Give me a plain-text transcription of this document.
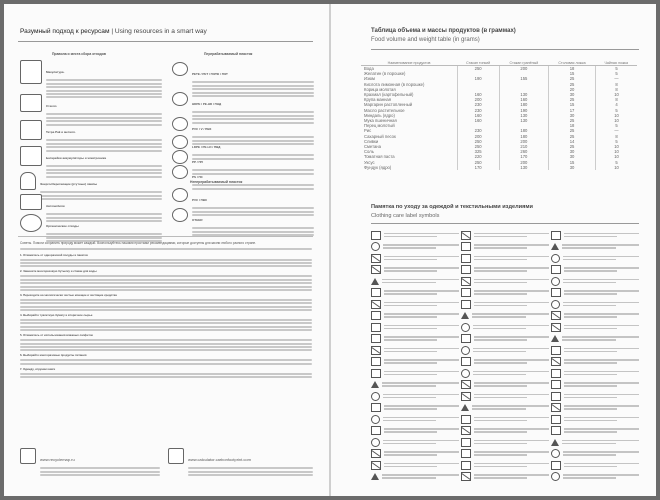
Разумный подход к ресурсам | Using resources in a smart way
Правила и места сбора отходов	Перерабатываемый пластик
Макулатура.
Стекло
Тетра Pak и металл.
Батарейки аккумуляторы и электроника
Энергосберегающие (ртутные) лампы
Автомобили
Органические отходы
PETE / PET / ПЭТФ / ПЭТ
HDPE / PE-HD / ПНД
PVC / V / ПВХ
LDPE / PE-LD / ПВД
PP / ПП
PS / ПС
Неперерабатываемый пластик
PVC / ПВХ
OTHER
Советы. Помоги сохранить природу может каждый. Воспользуйтесь нашими простыми рекомендациями, которые доступны для жизни любого разного стране.
1. Откажитесь от одноразовой посуды и пакетов
2. Замените многоразовую бутылку и стакан для воды
3. Переходите на экологически чистые моющие и чистящие средства
4. Выбирайте туалетную бумагу и вторичное сырье
5. Откажитесь от использования влажных салфеток
6. Выбирайте многоразовые продукты питания
7. Одежду, игрушки книги
www.recyclemap.ru	www.calculator.carbonfootprint.com
Таблица объема и массы продуктов (в граммах)
Food volume and weight table (in grams)
Наименование продуктов	Стакан тонкий	Стакан гранёный	Столовая ложка	Чайная ложка
Вода	250	200	18	5
Желатин (в порошке)			15	5
Изюм	190	155	25	—
Кислота лимонная (в порошке)			25	8
Корица молотая			20	8
Крахмал (картофельный)	160	130	30	10
Крупа манная	200	160	25	8
Маргарин растопленный	230	180	15	4
Масло растительное	230	190	17	5
Миндаль (ядро)	160	130	30	10
Мука пшеничная	160	130	25	10
Перец молотый			18	5
Рис	230	180	25	—
Сахарный песок	200	180	25	8
Сливки	250	200	14	5
Сметана	250	210	25	10
Соль	325	260	30	10
Томатная паста	220	170	30	10
Уксус	250	200	15	5
Фундук (ядро)	170	130	30	10
Памятка по уходу за одеждой и текстильными изделиями
Clothing care label symbols
